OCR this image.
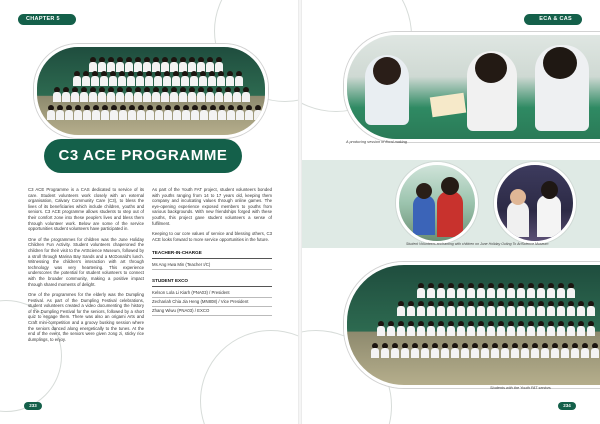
CHAPTER 5
C3 ACE PROGRAMME

C3 ACE Programme is a CAS dedicated to service of its care. Student volunteers work closely with an external organisation, Calvary Community Care (C3), to bless the lives of its beneficiaries which include children, youths and seniors. C3 ACE programme allows students to step out of their comfort zone into these people's lives and bless them through volunteer work. Below are some of the service opportunities student volunteers have participated in.

One of the programmes for children was the June Holiday Children Fun Activity. Student volunteers chaperoned the children for their visit to the ArtScience Museum, followed by a stroll through Marina Bay Sands and a McDonald's lunch. Witnessing the children's interaction with art through technology was very heartening. This experience underscores the potential for student volunteers to connect with the broader community, making a positive impact through shared moments of delight.

One of the programmes for the elderly was the Dumpling Festival. As part of the Dumpling Festival celebrations, student volunteers created a video documenting the history of the Dumpling Festival for the seniors, followed by a short quiz to engage them. There was also an origami Arts and Craft mini-competition and a groovy busking session where the seniors danced along energetically to the tunes. At the end of the event, the seniors were given zong zi, sticky rice dumplings, to enjoy.

As part of the Youth FAT project, student volunteers bonded with youths ranging from 14 to 17 years old, keeping them company and inculcating values through online games. The eye-opening experience exposed members to youths from various backgrounds. With new friendships forged with these youths, this project gave student volunteers a sense of fulfilment.

Keeping to our core values of service and blessing others, C3 ACE looks forward to more service opportunities in the future.

TEACHER-IN-CHARGE
Ms Ang Hwa Min (Teacher I/C)
STUDENT EXCO
Kelson Lola Li Kiarh (PNA03) / President
Zechariah Chia Jia Heng (MN808) / Vice President
Zhang Wiwu (PNA03) / EXCO
233
ECA & CAS
A producing session of floral making
Student Volunteers enchanting with children on June Holiday Outing To ArtScience Museum
Students with the Youth FAT seniors
234
